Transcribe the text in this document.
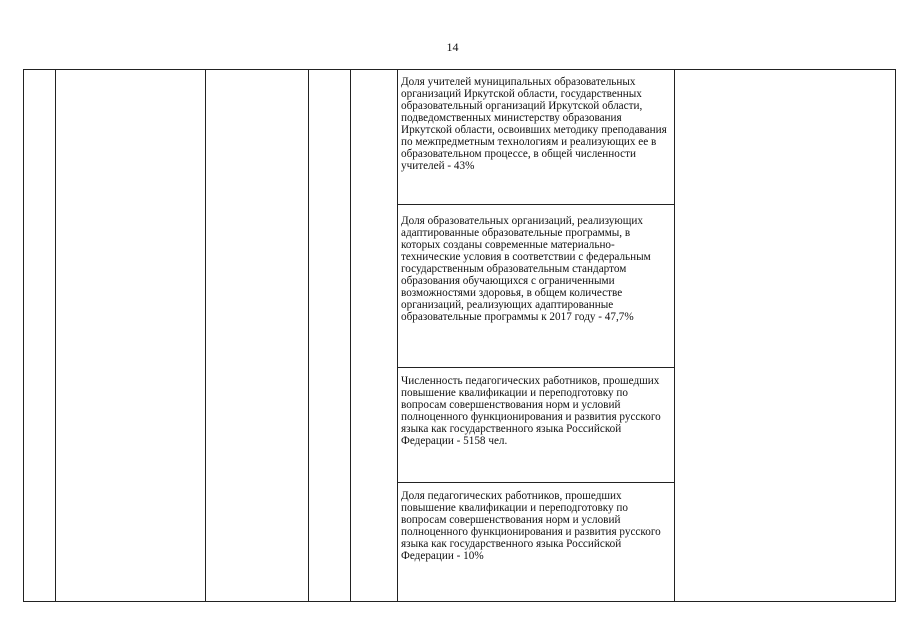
14
Доля учителей муниципальных образовательных организаций Иркутской области, государственных образовательный организаций Иркутской области, подведомственных министерству образования Иркутской области, освоивших методику преподавания по межпредметным технологиям и реализующих ее в образовательном процессе, в общей численности учителей - 43%
Доля образовательных организаций, реализующих адаптированные образовательные программы, в которых созданы современные материально-технические условия в соответствии с федеральным государственным образовательным стандартом образования обучающихся с ограниченными возможностями здоровья, в общем количестве организаций, реализующих адаптированные образовательные программы к 2017 году - 47,7%
Численность педагогических работников, прошедших повышение квалификации и переподготовку по вопросам совершенствования норм и условий полноценного функционирования и развития русского языка как государственного языка Российской Федерации - 5158 чел.
Доля педагогических работников, прошедших повышение квалификации и переподготовку по вопросам совершенствования норм и условий полноценного функционирования и развития русского языка как государственного языка Российской Федерации - 10%
